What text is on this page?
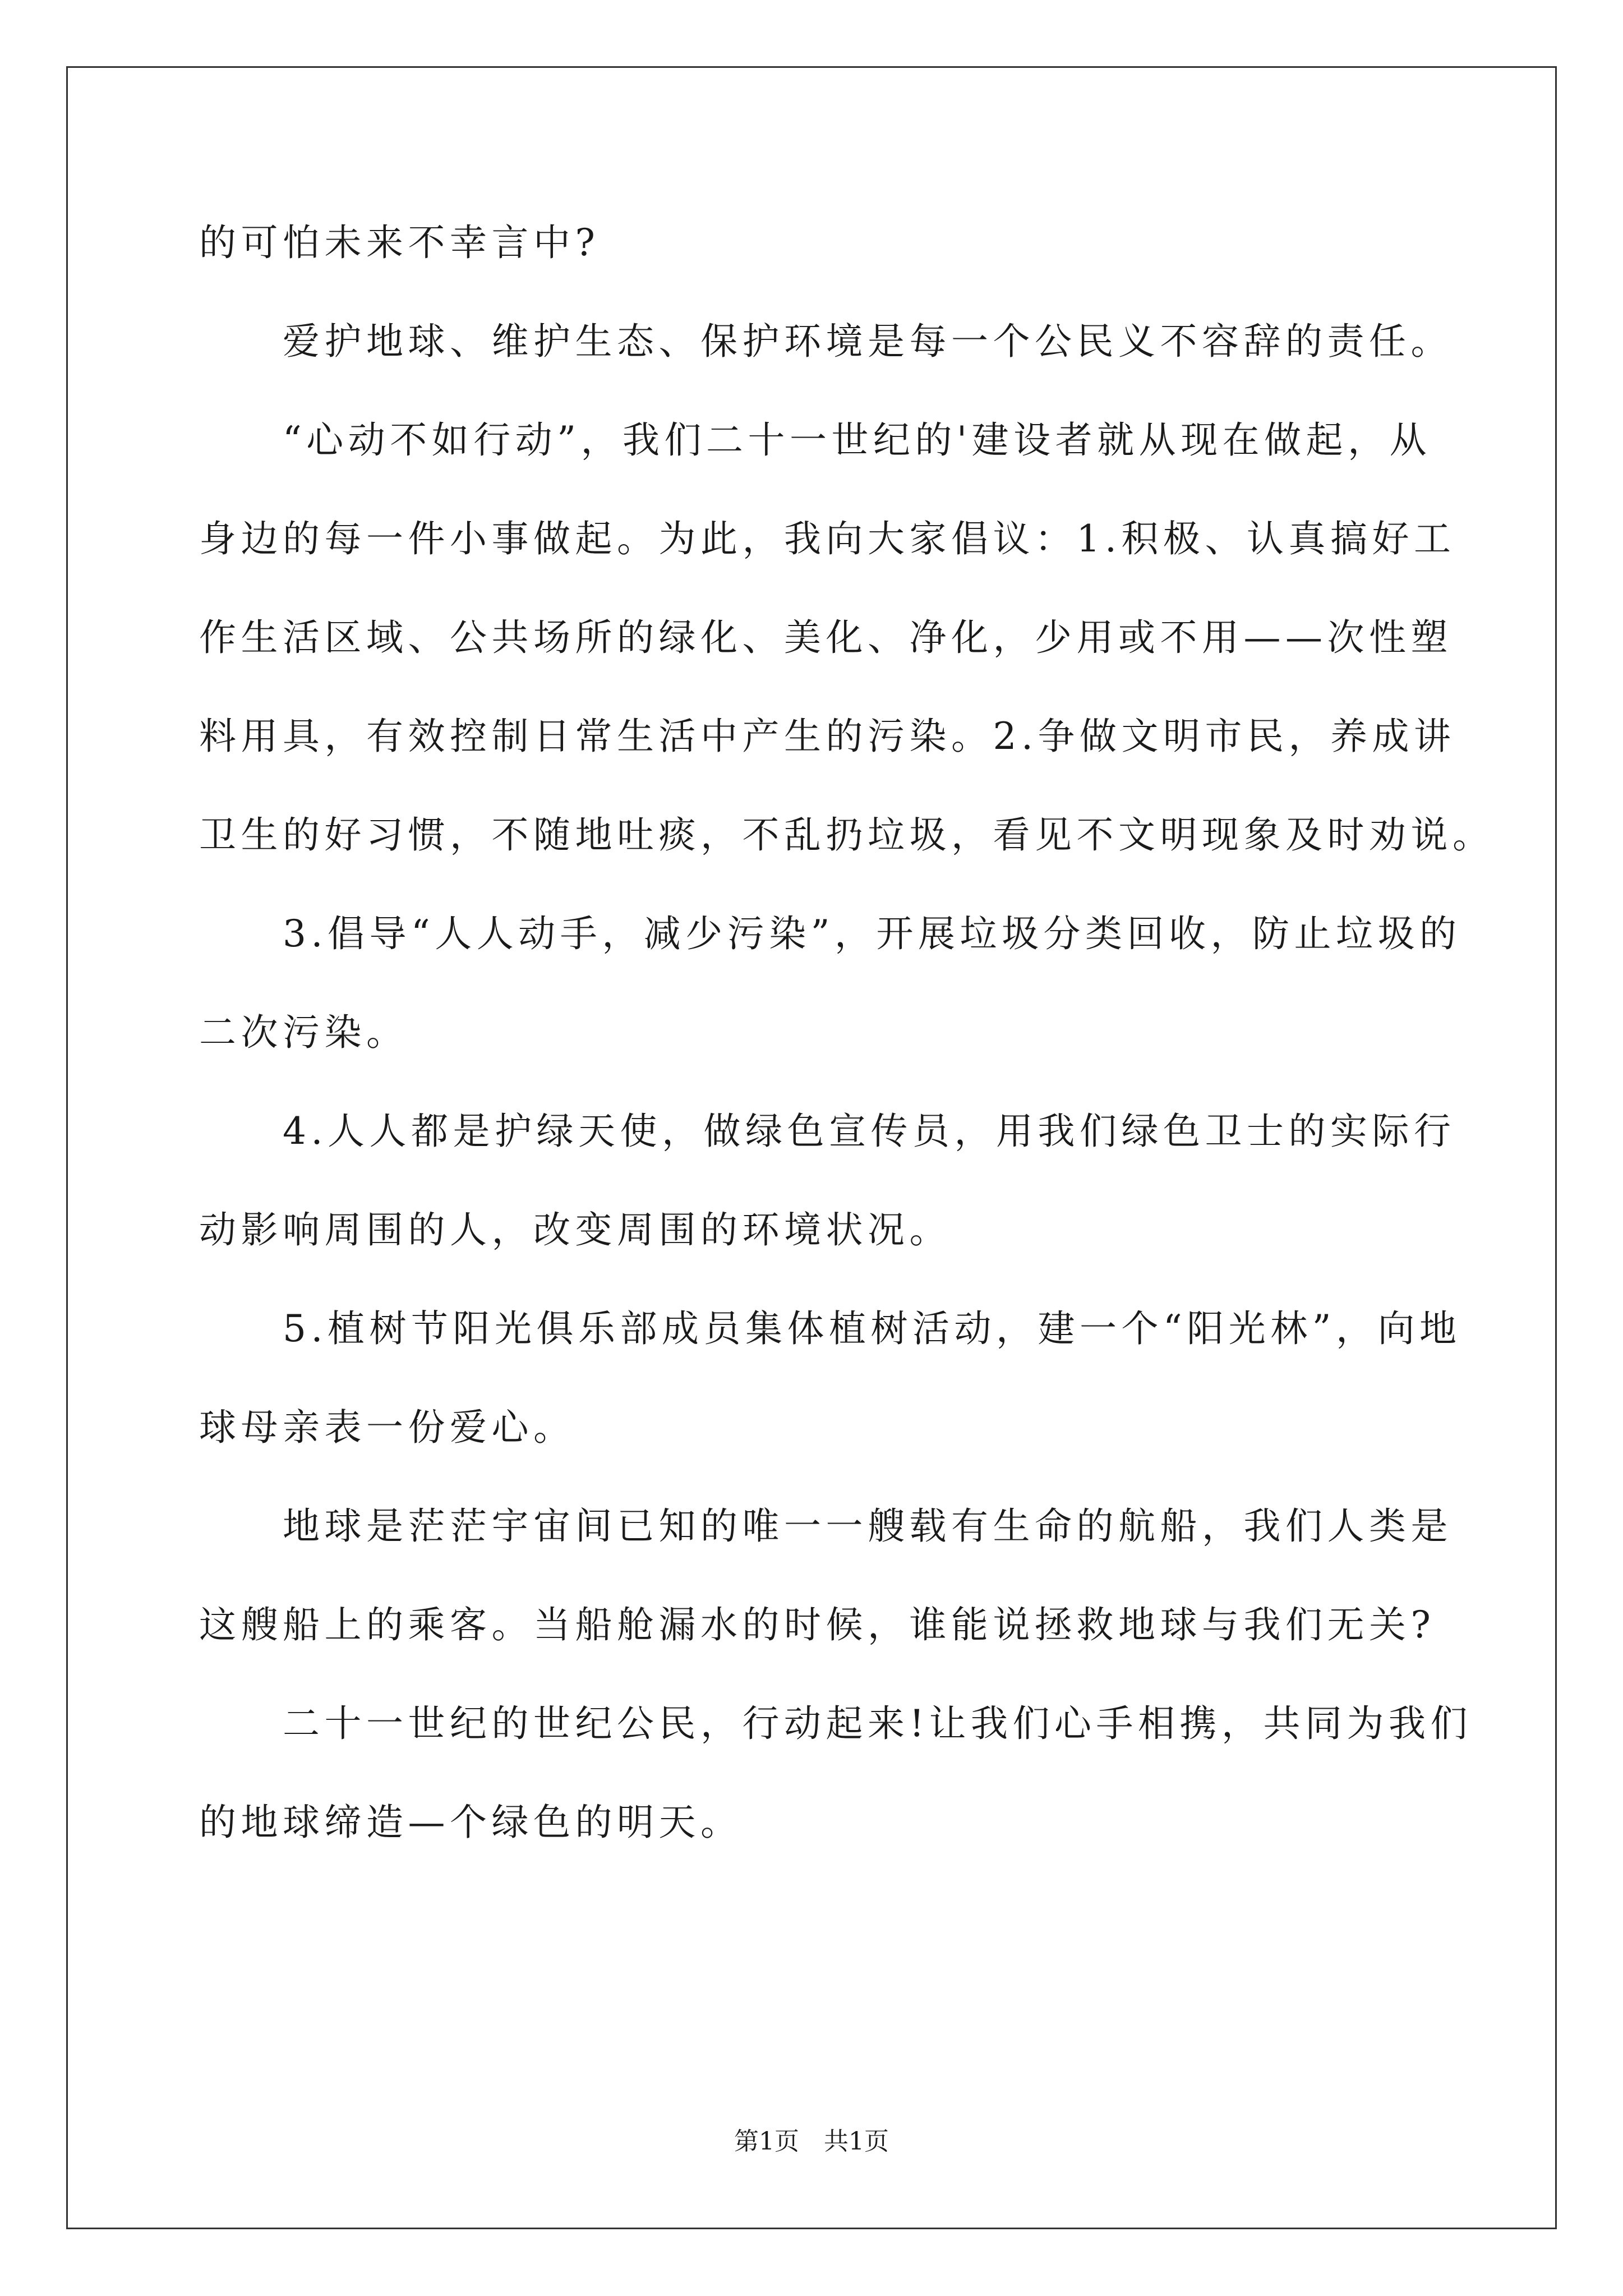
的可怕未来不幸言中?
　　爱护地球、维护生态、保护环境是每一个公民义不容辞的责任。
　　“心动不如行动”，我们二十一世纪的'建设者就从现在做起，从
身边的每一件小事做起。为此，我向大家倡议：1.积极、认真搞好工
作生活区域、公共场所的绿化、美化、净化，少用或不用——次性塑
料用具，有效控制日常生活中产生的污染。2.争做文明市民，养成讲
卫生的好习惯，不随地吐痰，不乱扔垃圾，看见不文明现象及时劝说。
　　3.倡导“人人动手，减少污染”，开展垃圾分类回收，防止垃圾的
二次污染。
　　4.人人都是护绿天使，做绿色宣传员，用我们绿色卫士的实际行
动影响周围的人，改变周围的环境状况。
　　5.植树节阳光俱乐部成员集体植树活动，建一个“阳光林”，向地
球母亲表一份爱心。
　　地球是茫茫宇宙间已知的唯一一艘载有生命的航船，我们人类是
这艘船上的乘客。当船舱漏水的时候，谁能说拯救地球与我们无关?
　　二十一世纪的世纪公民，行动起来!让我们心手相携，共同为我们
的地球缔造—个绿色的明天。
第1页　共1页
